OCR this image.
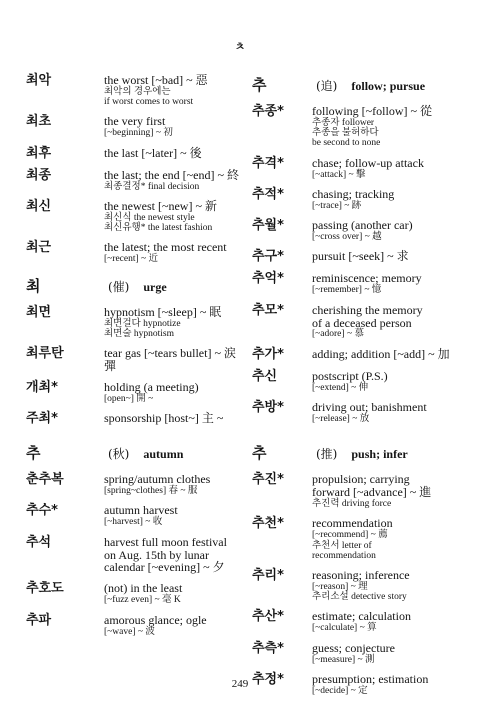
ㅊ
최악	the worst [~bad] ~ 惡
최악의 경우에는
if worst comes to worst
최초	the very first
[~beginning] ~ 初
최후	the last [~later] ~ 後
최종	the last; the end [~end] ~ 終
최종결정* final decision
최신	the newest [~new] ~ 新
최신식 the newest style
최신유행* the latest fashion
최근	the latest; the most recent
[~recent] ~ 近
최	(催) urge
최면	hypnotism [~sleep] ~ 眠
최면걸다 hypnotize
최면술 hypnotism
최루탄	tear gas [~tears bullet] ~ 涙彈
개최*	holding (a meeting)
[open~] 開 ~
주최*	sponsorship [host~] 主 ~
추	(秋) autumn
춘추복	spring/autumn clothes
[spring~clothes] 春 ~ 服
추수*	autumn harvest
[~harvest] ~ 收
추석	harvest full moon festival
on Aug. 15th by lunar
calendar [~evening] ~ 夕
추호도	(not) in the least
[~fuzz even] ~ 毫 K
추파	amorous glance; ogle
[~wave] ~ 波
추	(追) follow; pursue
추종*	following [~follow] ~ 從
추종자 follower
추종을 불허하다
be second to none
추격*	chase; follow-up attack
[~attack] ~ 擊
추적*	chasing; tracking
[~trace] ~ 跡
추월*	passing (another car)
[~cross over] ~ 越
추구*	pursuit [~seek] ~ 求
추억*	reminiscence; memory
[~remember] ~ 憶
추모*	cherishing the memory
of a deceased person
[~adore] ~ 慕
추가*	adding; addition [~add] ~ 加
추신	postscript (P.S.)
[~extend] ~ 伸
추방*	driving out; banishment
[~release] ~ 放
추	(推) push; infer
추진*	propulsion; carrying
forward [~advance] ~ 進
추진력 driving force
추천*	recommendation
[~recommend] ~ 薦
추천서 letter of
recommendation
추리*	reasoning; inference
[~reason] ~ 理
추리소설 detective story
추산*	estimate; calculation
[~calculate] ~ 算
추측*	guess; conjecture
[~measure] ~ 測
추정*	presumption; estimation
[~decide] ~ 定
249
